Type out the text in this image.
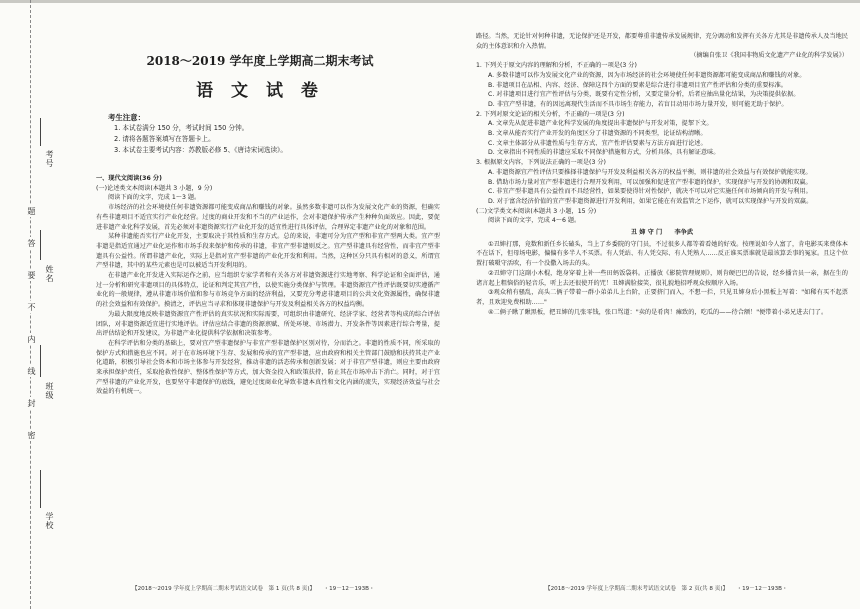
考号
姓名
班级
学校
题
答
要
不
内
线
封
密
2018～2019 学年度上学期高二期末考试
语 文 试 卷
考生注意：
1. 本试卷满分 150 分，考试时间 150 分钟。
2. 请将各题答案填写在答题卡上。
3. 本试卷主要考试内容：苏教版必修 5、《唐诗宋词选读》。

一、现代文阅读(36 分)

(一)论述类文本阅读(本题共 3 小题，9 分)

阅读下面的文字，完成 1～3 题。

市场经济的社会环境使任何非遗资源都可能变成商品和赚钱的对象。虽然多数非遗可以作为发展文化产业的资源，但确实有些非遗项目不适宜实行产业化经营。过度的商业开发和不当的产业运作，会对非遗保护传承产生种种负面效应。因此，要促进非遗产业化科学发展，首先必须对非遗资源实行产业化开发的适宜性进行具体评估，合理界定非遗产业化的对象和范围。

某种非遗能否实行产业化开发，主要取决于其性质和生存方式。总的来说，非遗可分为宜产型和非宜产型两大类。宜产型非遗是指适宜通过产业化运作和市场手段来保护和传承的非遗，非宜产型非遗则反之。宜产型非遗具有经营性，而非宜产型非遗具有公益性。所谓非遗产业化，实际上是指对宜产型非遗的产业化开发和利用。当然，这种区分只具有相对的意义，所谓宜产型非遗，其中的某些元素也是可以被适当开发利用的。

在非遗产业化开发进入实际运作之前，应当组织专家学者和有关各方对非遗资源进行实地考察、科学论证和全面评估，通过一分析和研究非遗项目的具体特点，论证和判定其宜产性，以使实施分类保护与管理。非遗资源宜产性评估既要切实遵循产业化的一般规律，遵从非遗市场价值和参与市场竞争方面的经济利益，又要充分考虑非遗项目的公共文化资源属性，确保非遗的社会效益和有效保护。摸清之，评估应当寻求和体现非遗保护与开发及利益相关各方的权益均衡。

为最大限度地反映非遗资源宜产性评估的真实状况和实际需要，可组织由非遗研究、经济学家、经营者等构成的综合评估团队，对非遗资源适宜进行实地评估。评估应结合非遗的资源禀赋、所处环境、市场潜力、开发条件等因素进行综合考量，提出评估结论和开发建议，为非遗产业化提供科学依据和决策参考。

在科学评估和分类的基础上，要对宜产型非遗保护与非宜产型非遗保护区别对待，分而治之。非遗的性质不同，所采取的保护方式和措施也应不同。对于在市场环境下生存、发展和传承的宜产型非遗，应由政府和相关主管部门鼓励和扶持其走产业化道路，积极引导社会资本和市场主体参与开发经营，推动非遗的活态传承和创新发展；对于非宜产型非遗，则应主要由政府来承担保护责任，采取抢救性保护、整体性保护等方式，加大资金投入和政策扶持，防止其在市场冲击下消亡。同时，对于宜产型非遗的产业化开发，也要坚守非遗保护的底线，避免过度商业化导致非遗本真性和文化内涵的流失，实现经济效益与社会效益的有机统一。

【2018～2019 学年度上学期高二期末考试语文试卷　第 1 页(共 8 页)】　　・19－12－193B・

路径。当然，无论针对何种非遗，无论保护还是开发，都要尊重非遗传承发展规律，充分调动和发挥有关各方尤其是非遗传承人及当地民众的主体意识和介入热情。

（摘编自张卫《我国非物质文化遗产产业化的科学发展》）

1. 下列关于原文内容的理解和分析，不正确的一项是(3 分)

A. 多数非遗可以作为发展文化产业的资源，因为市场经济的社会环境使任何非遗资源都可能变成商品和赚钱的对象。

B. 非遗项目在品相、内容、经济、保障这四个方面的要素是综合进行非遗项目宜产性评估和分类的重要标准。

C. 对非遗项目进行宜产性评估与分类，既要有定性分析，又要定量分析，后者应抽出量化结果，为决策提供依据。

D. 非宜产型非遗，有的因远离现代生活而不具市场生存能力，若盲目动用市场力量开发，则可能无助于保护。

2. 下列对原文论证的相关分析，不正确的一项是(3 分)

A. 文章先从促进非遗产业化科学发展的角度提出非遗保护与开发对策，提挈下文。

B. 文章从能否实行产业开发的角度区分了非遗资源的不同类型，论证结构清晰。

C. 文章主体部分从非遗性质与生存方式、宜产性评估要素与方法方面进行论述。

D. 文章指出不同性质的非遗应采取不同保护措施和方式，分析具体，具有解证意味。

3. 根据原文内容，下列说法正确的一项是(3 分)

A. 非遗资源宜产性评估只要推择非遗保护与开发及利益相关各方的权益平衡，则非遗的社会效益与有效保护就能实现。

B. 借助市场力量对宜产型非遗进行合理开发利用，可以加强和促进宜产型非遗的保护，实现保护与开发的协调和双赢。

C. 非宜产型非遗具有公益性而不具经营性，如果要使得针对性保护，就决不可以对它实施任何市场倾向的开发与利用。

D. 对于富含经济价值的宜产型非遗资源进行开发利用，如果它能在有效监管之下运作，就可以实现保护与开发的双赢。

(二)文学类文本阅读(本题共 3 小题，15 分)

阅读下面的文字，完成 4～6 题。

丑 婶 守 门　　李争武

①丑婶打那，竟数和新任乡长磕头，当上了乡委院的守门员，不过很多人都等着看她的好戏。按理说如今人富了，肯电影买来费体本不在话下，但母场电影，偏偏有多半人不买票。有人凭站、有人凭交际、有人凭熟人……反正谁买票谁就是最该算丢事的冤家。且这个位置打破嗫守活吹，有一个没撒入场去的头。

②丑婶守门这副小木棍，绝身穿着上补一些田蚂饭袋料。正播放《影院管理规则》，则肯硬巴巴的告说，经乡播音员一亲，据在生的诸言起上粗恼俗的轻音乐，听上去还很使开的咒！丑婶满脸接笑，很礼貌地招呼观众按顺序入场。

③观众稍有骚乱，高头二俩子带着一群小弟弟儿上台阶，正要挤门而入，不想一拦，只见丑婶身后小黑板上写着："如稀有买不起票者，且欢迎免费相助……"

④二俩子瞅了瞅黑板，把丑婶的几张零钱，张口骂道："卖的是肴肉！瘫致的，吃瓜的——待合额！"便带着小弟兄进去门了。

【2018～2019 学年度上学期高二期末考试语文试卷　第 2 页(共 8 页)】　　・19－12－193B・
